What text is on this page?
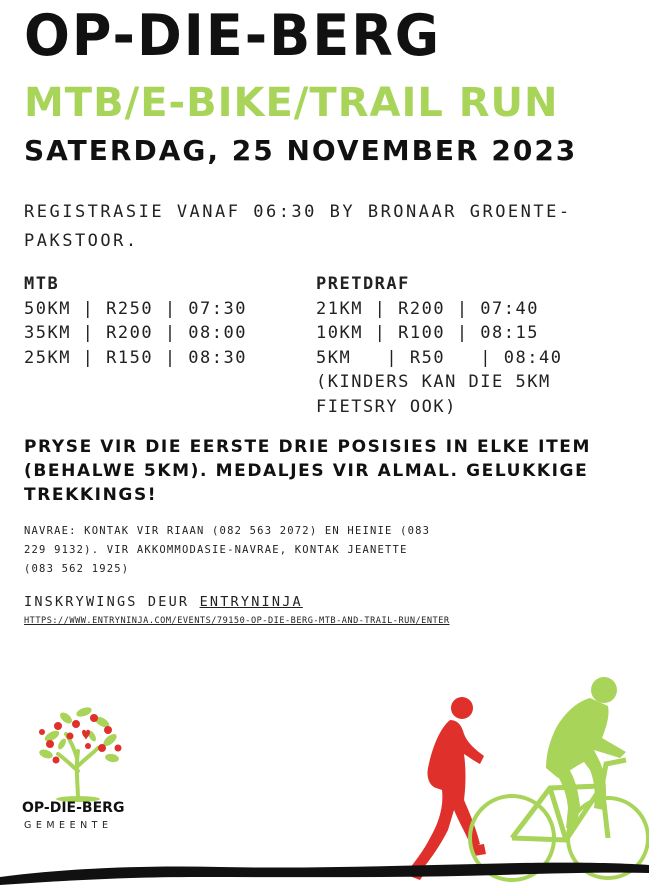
OP-DIE-BERG
MTB/E-BIKE/TRAIL RUN
SATERDAG, 25 NOVEMBER 2023
REGISTRASIE VANAF 06:30 BY BRONAAR GROENTE-PAKSTOOR.
MTB
50KM | R250 | 07:30
35KM | R200 | 08:00
25KM | R150 | 08:30
PRETDRAF
21KM | R200 | 07:40
10KM | R100 | 08:15
5KM   | R50   | 08:40
(KINDERS KAN DIE 5KM FIETSRY OOK)
PRYSE VIR DIE EERSTE DRIE POSISIES IN ELKE ITEM (BEHALWE 5KM). MEDALJES VIR ALMAL. GELUKKIGE TREKKINGS!
NAVRAE: KONTAK VIR RIAAN (082 563 2072) EN HEINIE (083 229 9132). VIR AKKOMMODASIE-NAVRAE, KONTAK JEANETTE (083 562 1925)
INSKRYWINGS DEUR ENTRYNINJA
HTTPS://WWW.ENTRYNINJA.COM/EVENTS/79150-OP-DIE-BERG-MTB-AND-TRAIL-RUN/ENTER
OP-DIE-BERG
GEMEENTE
